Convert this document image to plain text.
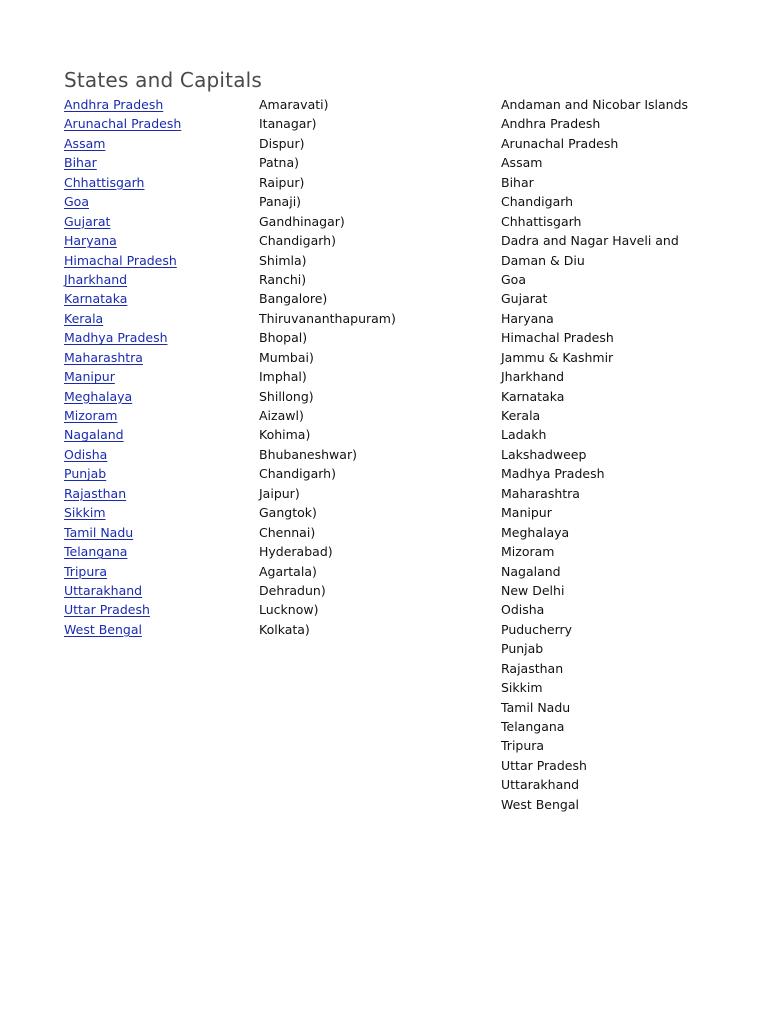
States and Capitals
Andhra Pradesh
Arunachal Pradesh
Assam
Bihar
Chhattisgarh
Goa
Gujarat
Haryana
Himachal Pradesh
Jharkhand
Karnataka
Kerala
Madhya Pradesh
Maharashtra
Manipur
Meghalaya
Mizoram
Nagaland
Odisha
Punjab
Rajasthan
Sikkim
Tamil Nadu
Telangana
Tripura
Uttarakhand
Uttar Pradesh
West Bengal
Amaravati)
Itanagar)
Dispur)
Patna)
Raipur)
Panaji)
Gandhinagar)
Chandigarh)
Shimla)
Ranchi)
Bangalore)
Thiruvananthapuram)
Bhopal)
Mumbai)
Imphal)
Shillong)
Aizawl)
Kohima)
Bhubaneshwar)
Chandigarh)
Jaipur)
Gangtok)
Chennai)
Hyderabad)
Agartala)
Dehradun)
Lucknow)
Kolkata)
Andaman and Nicobar Islands
Andhra Pradesh
Arunachal Pradesh
Assam
Bihar
Chandigarh
Chhattisgarh
Dadra and Nagar Haveli and
Daman & Diu
Goa
Gujarat
Haryana
Himachal Pradesh
Jammu & Kashmir
Jharkhand
Karnataka
Kerala
Ladakh
Lakshadweep
Madhya Pradesh
Maharashtra
Manipur
Meghalaya
Mizoram
Nagaland
New Delhi
Odisha
Puducherry
Punjab
Rajasthan
Sikkim
Tamil Nadu
Telangana
Tripura
Uttar Pradesh
Uttarakhand
West Bengal
